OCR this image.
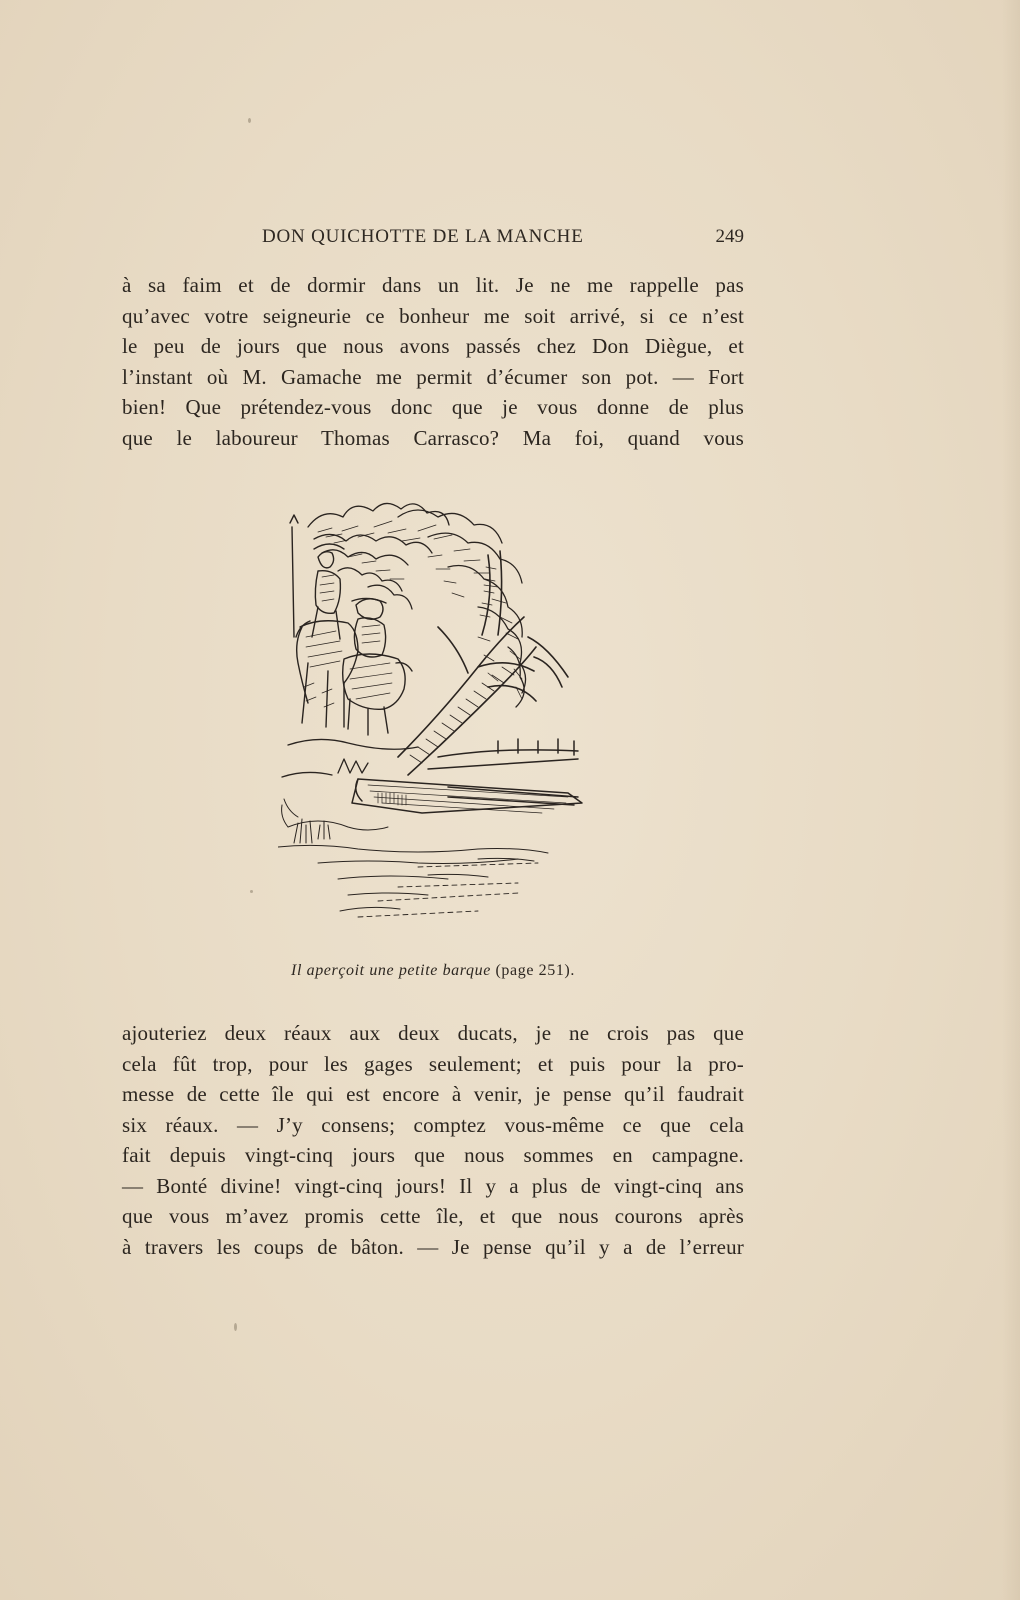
DON QUICHOTTE DE LA MANCHE	249
à sa faim et de dormir dans un lit. Je ne me rappelle pas
qu’avec votre seigneurie ce bonheur me soit arrivé, si ce n’est
le peu de jours que nous avons passés chez Don Diègue, et
l’instant où M. Gamache me permit d’écumer son pot. — Fort
bien! Que prétendez-vous donc que je vous donne de plus
que le laboureur Thomas Carrasco? Ma foi, quand vous
Il aperçoit une petite barque (page 251).
ajouteriez deux réaux aux deux ducats, je ne crois pas que
cela fût trop, pour les gages seulement; et puis pour la pro-
messe de cette île qui est encore à venir, je pense qu’il faudrait
six réaux. — J’y consens; comptez vous-même ce que cela
fait depuis vingt-cinq jours que nous sommes en campagne.
— Bonté divine! vingt-cinq jours! Il y a plus de vingt-cinq ans
que vous m’avez promis cette île, et que nous courons après
à travers les coups de bâton. — Je pense qu’il y a de l’erreur
